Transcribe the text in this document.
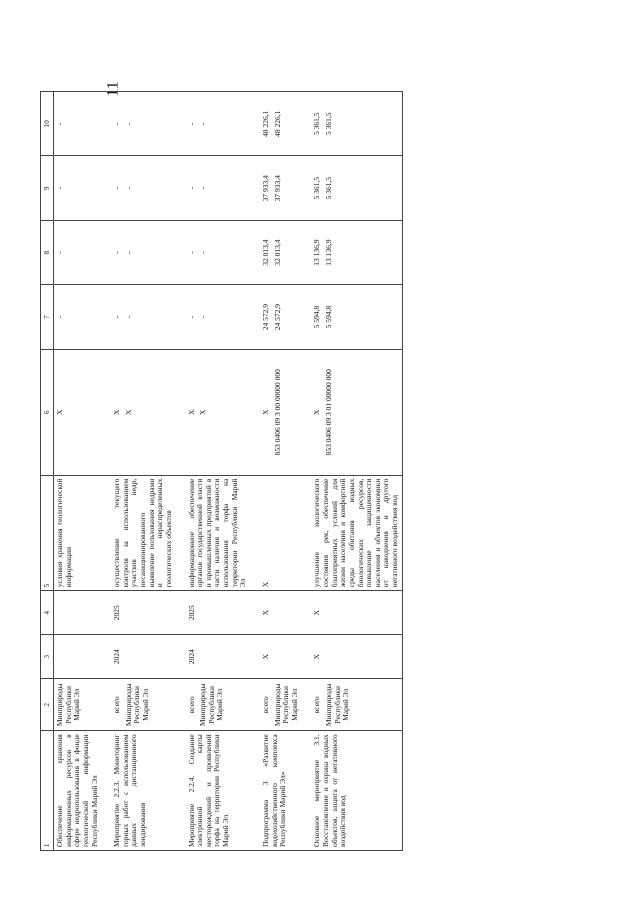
11
1	2	3	4	5	6	7	8	9	10
Обеспечение хранения информационных ресурсов в сфере недропользования в фонде геологической информации Республики Марий Эл	Минприроды Республики Марий Эл			условия хранения геологической информации	X	-	-	-	-

Мероприятие 2.2.3. Мониторинг горных работ с использованием данных дистанционного зондирования	всего Минприроды Республики Марий Эл	2024	2025	осуществление текущего контроля за использованием участков недр, несанкционированного выявление пользования недрами и нераспределенных геологических объектов	X X	- -	- -	- -	- -

Мероприятие 2.2.4. Создание электронной карты месторождений и проявлений торфа на территории Республики Марий Эл	всего Минприроды Республики Марий Эл	2024	2025	информационное обеспечение органов государственной власти и промышленных предприятий в части наличия и возможности использования торфа на территории Республики Марий Эл	X X	- -	- -	- -	- -

Подпрограмма 3 «Развитие водохозяйственного комплекса Республики Марий Эл»	всего Минприроды Республики Марий Эл	X	X	X	X 853 0406 09 3 00 00000 000	24 572,9 24 572,9	32 013,4 32 013,4	37 933,4 37 933,4	48 226,1 48 226,1

Основное мероприятие 3.1. Восстановление и охрана водных объектов, защита от негативного воздействия вод	всего Минприроды Республики Марий Эл	X	X	улучшение экологического состояния рек, обеспечение благоприятных условий для жизни населения и комфортной среды обитания водных биологических ресурсов, повышение защищенности населения и объектов экономики от наводнения и другого негативного воздействия вод	X 853 0406 09 3 01 00000 000	5 594,8 5 594,8	13 136,9 13 136,9	5 361,5 5 361,5	5 361,5 5 361,5
